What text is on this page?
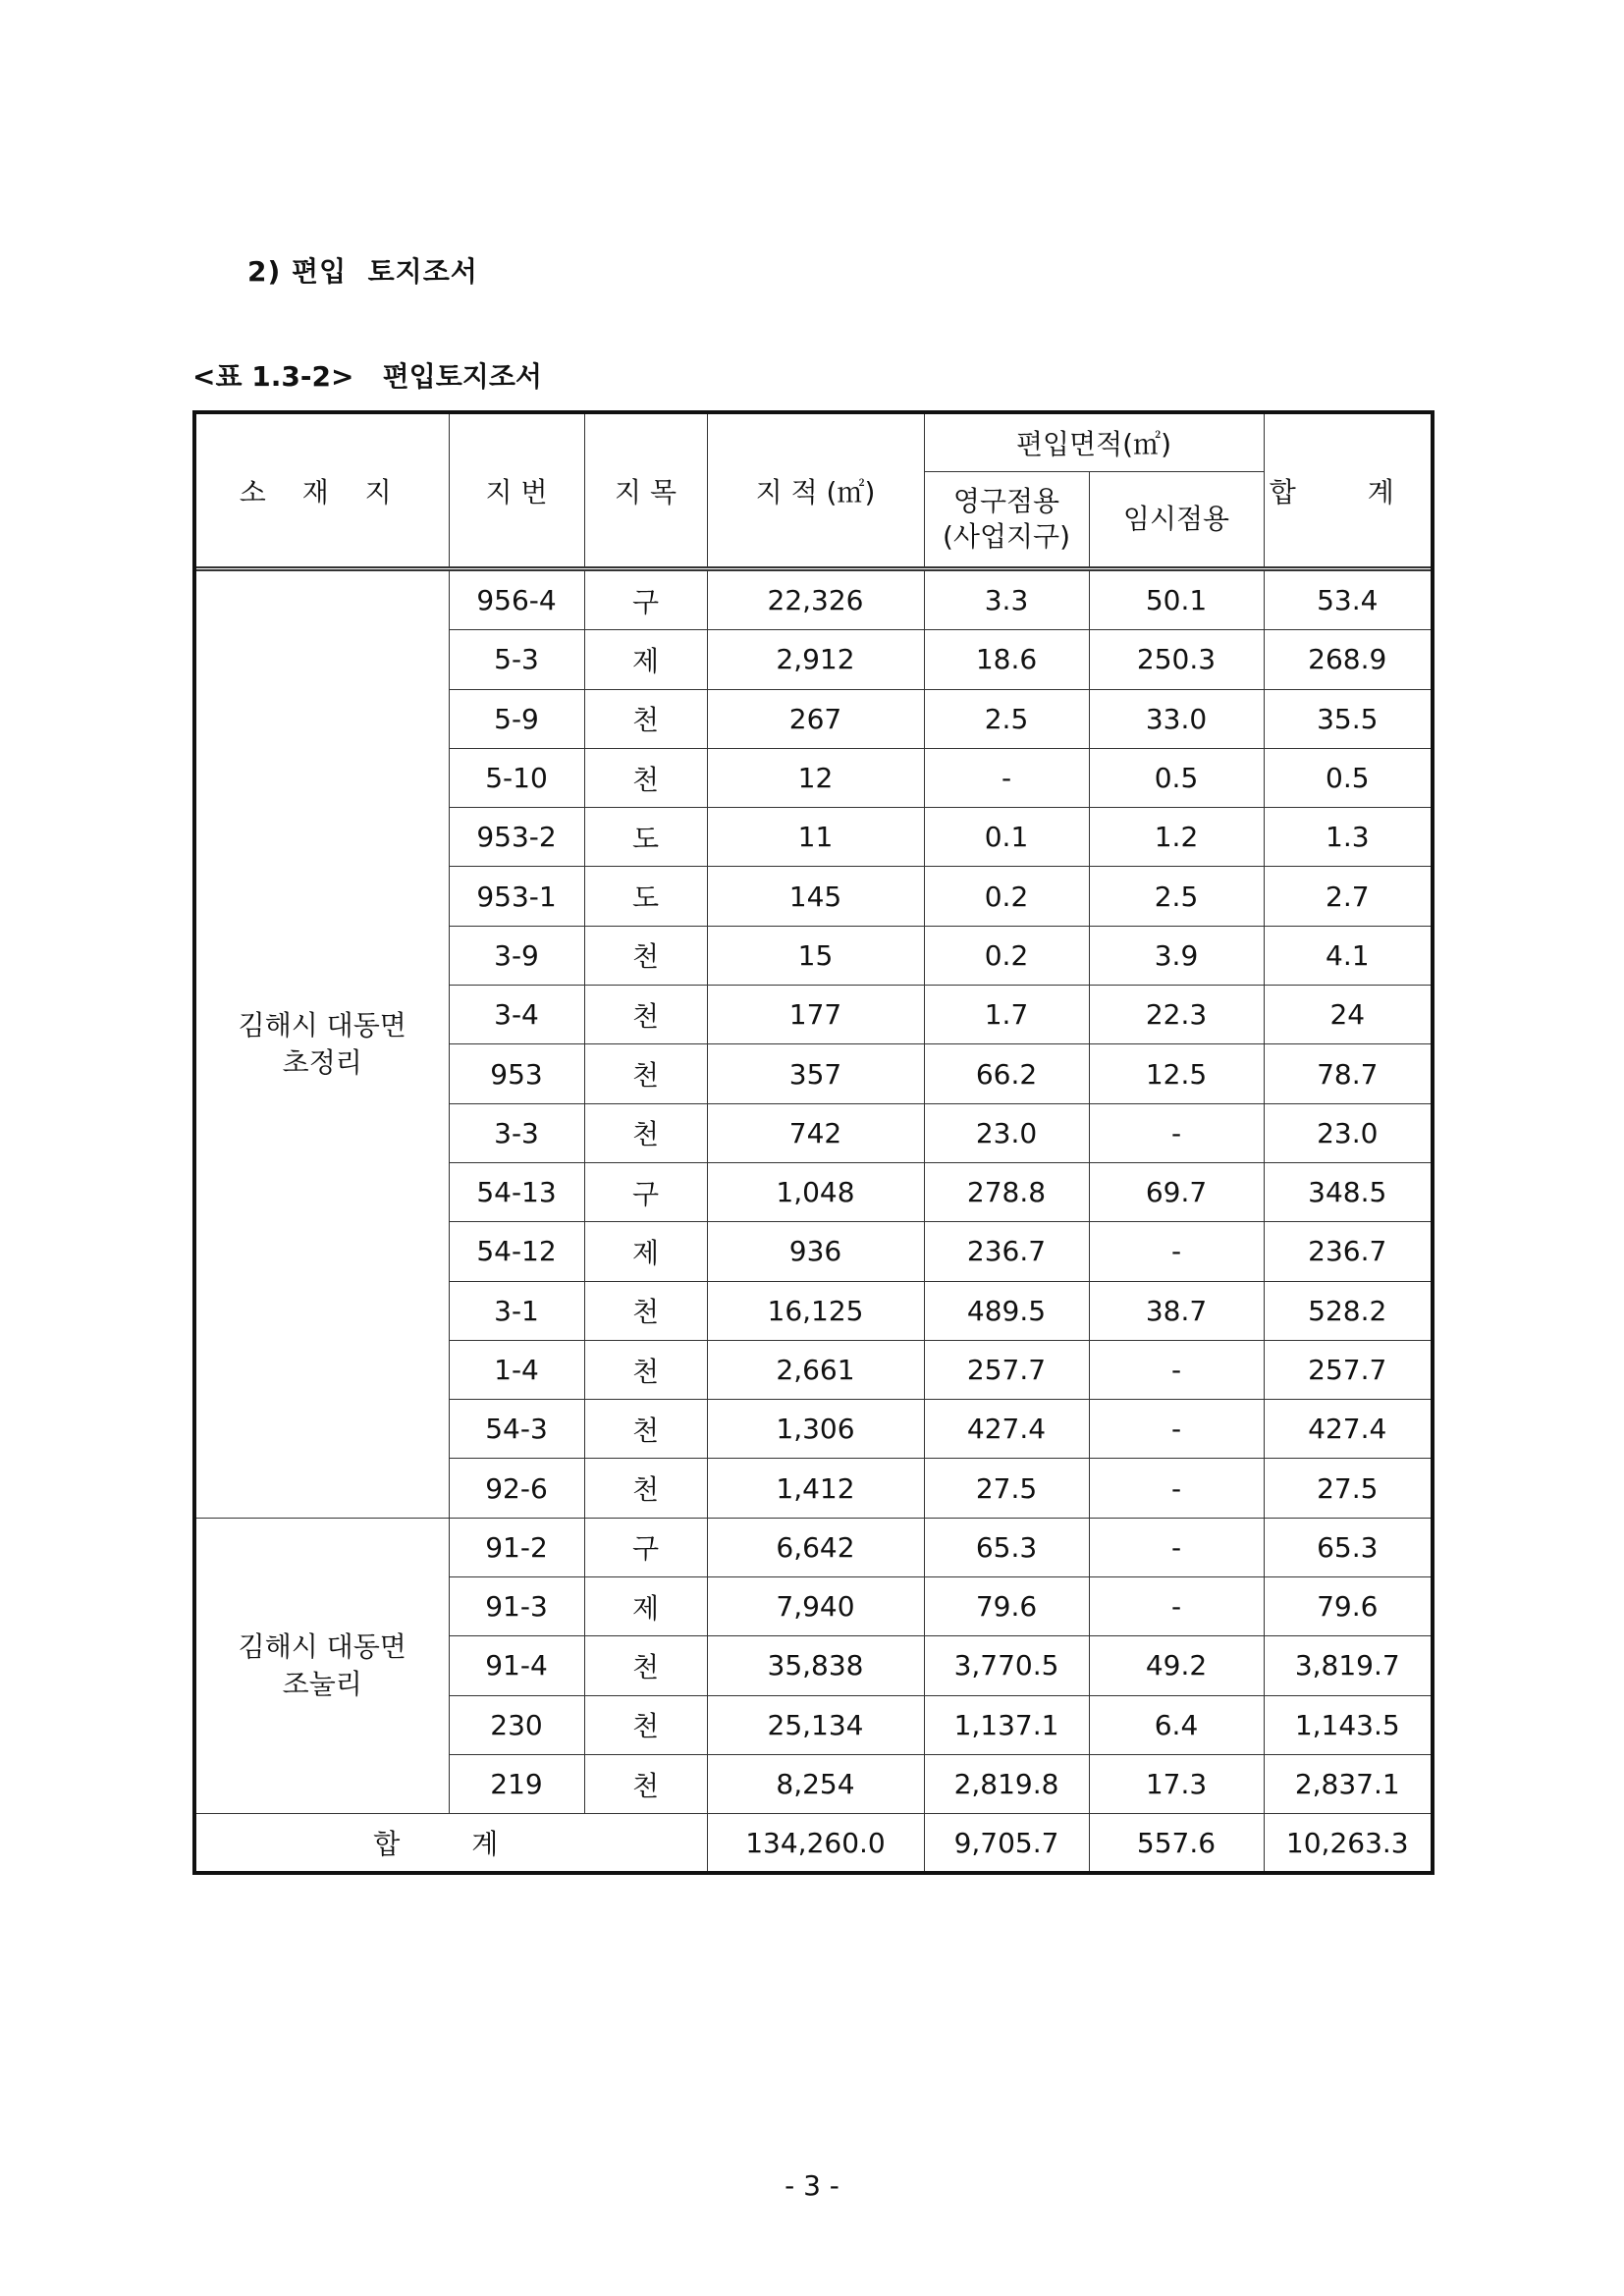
2) 편입  토지조서
<표 1.3-2>   편입토지조서
소 재 지	지 번	지 목	지 적 (㎡)	편입면적(㎡)		합 계

				영구점용
(사업지구)	임시점용	

김해시 대동면
초정리	956-4	구	22,326	3.3	50.1	53.4
	5-3	제	2,912	18.6	250.3	268.9
	5-9	천	267	2.5	33.0	35.5
	5-10	천	12	-	0.5	0.5
	953-2	도	11	0.1	1.2	1.3
	953-1	도	145	0.2	2.5	2.7
	3-9	천	15	0.2	3.9	4.1
	3-4	천	177	1.7	22.3	24
	953	천	357	66.2	12.5	78.7
	3-3	천	742	23.0	-	23.0
	54-13	구	1,048	278.8	69.7	348.5
	54-12	제	936	236.7	-	236.7
	3-1	천	16,125	489.5	38.7	528.2
	1-4	천	2,661	257.7	-	257.7
	54-3	천	1,306	427.4	-	427.4
	92-6	천	1,412	27.5	-	27.5

김해시 대동면
조눌리	91-2	구	6,642	65.3	-	65.3
	91-3	제	7,940	79.6	-	79.6
	91-4	천	35,838	3,770.5	49.2	3,819.7
	230	천	25,134	1,137.1	6.4	1,143.5
	219	천	8,254	2,819.8	17.3	2,837.1
합 계			134,260.0	9,705.7	557.6	10,263.3
- 3 -
